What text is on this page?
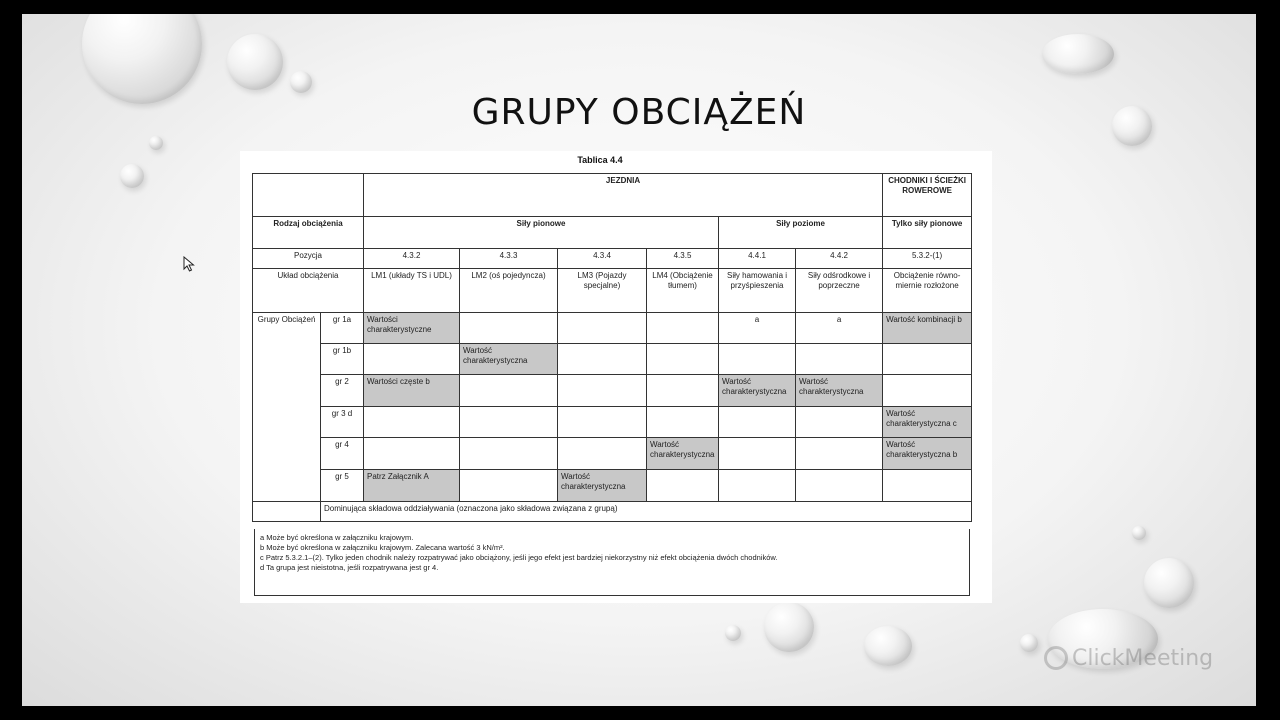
GRUPY OBCIĄŻEŃ
Tablica 4.4
		JEZDNIA						CHODNIKI I ŚCIEŻKI ROWEROWE
Rodzaj obciążenia		Siły pionowe				Siły poziome		Tylko siły pionowe
Pozycja		4.3.2	4.3.3	4.3.4	4.3.5	4.4.1	4.4.2	5.3.2-(1)
Układ obciążenia		LM1 (układy TS i UDL)	LM2 (oś pojedyncza)	LM3 (Pojazdy specjalne)	LM4 (Obciążenie tłumem)	Siły hamowania i przyśpieszenia	Siły odśrodkowe i poprzeczne	Obciążenie równo-miernie rozłożone
Grupy Obciążeń	gr 1a	Wartości charakterystyczne				a	a	Wartość kombinacji b
	gr 1b		Wartość charakterystyczna					
	gr 2	Wartości częste b				Wartość charakterystyczna	Wartość charakterystyczna	
	gr 3 d							Wartość charakterystyczna c
	gr 4				Wartość charakterystyczna			Wartość charakterystyczna b
	gr 5	Patrz Załącznik A		Wartość charakterystyczna				
	Dominująca składowa oddziaływania (oznaczona jako składowa związana z grupą)							
a Może być określona w załączniku krajowym.
b Może być określona w załączniku krajowym. Zalecana wartość 3 kN/m².
c Patrz 5.3.2.1–(2). Tylko jeden chodnik należy rozpatrywać jako obciążony, jeśli jego efekt jest bardziej niekorzystny niż efekt obciążenia dwóch chodników.
d Ta grupa jest nieistotna, jeśli rozpatrywana jest gr 4.
ClickMeeting
